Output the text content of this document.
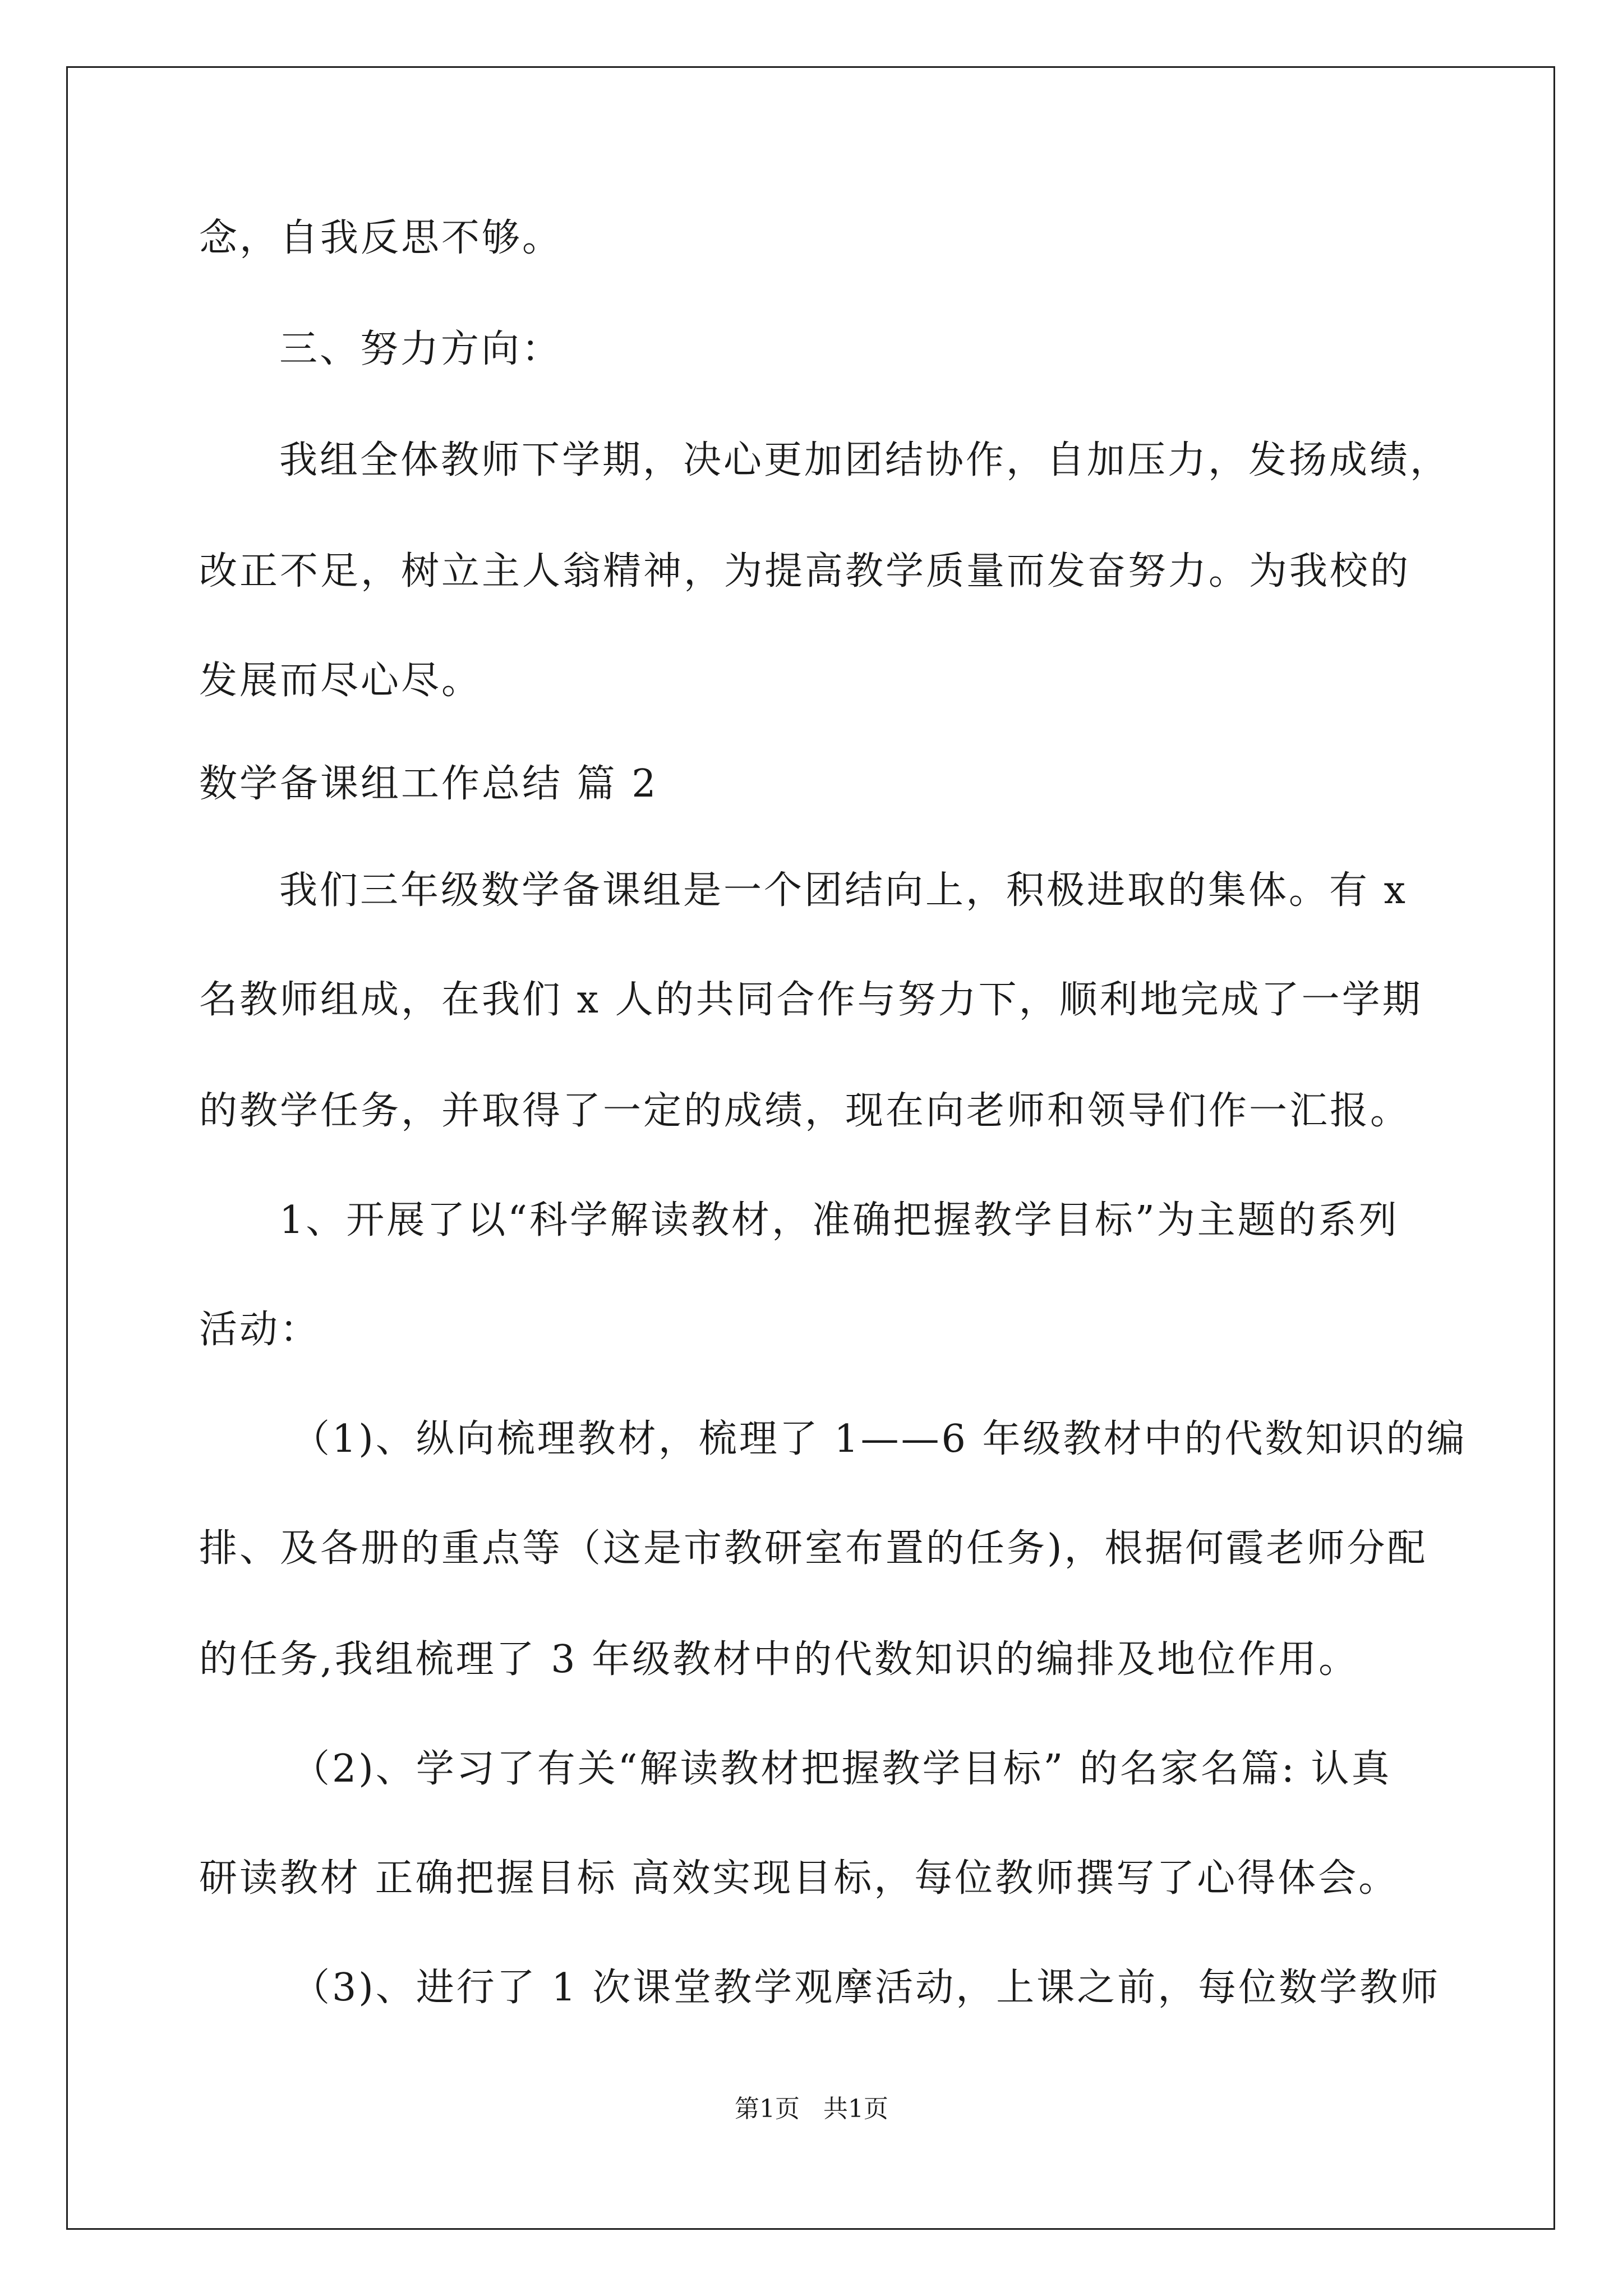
念，自我反思不够。
三、努力方向：
我组全体教师下学期，决心更加团结协作，自加压力，发扬成绩，
改正不足，树立主人翁精神，为提高教学质量而发奋努力。为我校的
发展而尽心尽。
数学备课组工作总结 篇 2
我们三年级数学备课组是一个团结向上，积极进取的集体。有 x
名教师组成，在我们 x 人的共同合作与努力下，顺利地完成了一学期
的教学任务，并取得了一定的成绩，现在向老师和领导们作一汇报。
1、开展了以“科学解读教材，准确把握教学目标”为主题的系列
活动：
（1)、纵向梳理教材，梳理了 1——6 年级教材中的代数知识的编
排、及各册的重点等（这是市教研室布置的任务)，根据何霞老师分配
的任务,我组梳理了 3 年级教材中的代数知识的编排及地位作用。
（2)、学习了有关“解读教材把握教学目标” 的名家名篇: 认真
研读教材 正确把握目标 高效实现目标，每位教师撰写了心得体会。
（3)、进行了 1 次课堂教学观摩活动，上课之前，每位数学教师
第1页   共1页
